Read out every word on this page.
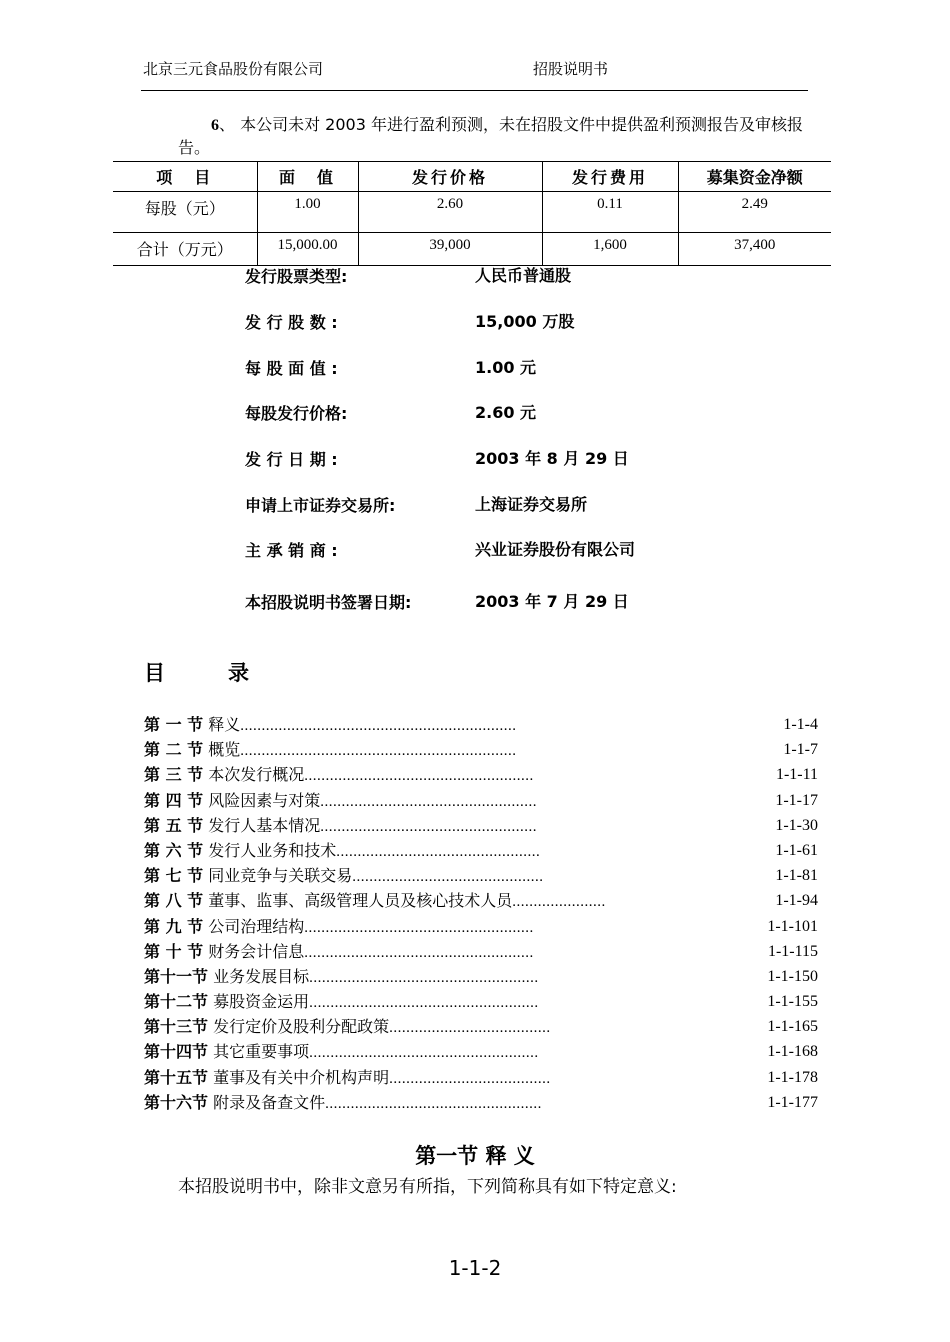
北京三元食品股份有限公司	招股说明书
6、 本公司未对 2003 年进行盈利预测，未在招股文件中提供盈利预测报告及审核报告。
项　目	面　值	发行价格	发行费用	募集资金净额
每股（元）	1.00	2.60	0.11	2.49
合计（万元）	15,000.00	39,000	1,600	37,400
发行股票类型:	人民币普通股
发 行 股 数 :	15,000 万股
每 股 面 值 :	1.00 元
每股发行价格:	2.60 元
发 行 日 期 :	2003 年 8 月 29 日
申请上市证券交易所:	上海证券交易所
主 承 销 商 :	兴业证券股份有限公司
本招股说明书签署日期:	2003 年 7 月 29 日
目	录
第 一 节 释义.................................................................	1-1-4
第 二 节 概览.................................................................	1-1-7
第 三 节 本次发行概况......................................................	1-1-11
第 四 节 风险因素与对策...................................................	1-1-17
第 五 节 发行人基本情况...................................................	1-1-30
第 六 节 发行人业务和技术................................................	1-1-61
第 七 节 同业竞争与关联交易.............................................	1-1-81
第 八 节 董事、监事、高级管理人员及核心技术人员......................	1-1-94
第 九 节 公司治理结构......................................................	1-1-101
第 十 节 财务会计信息......................................................	1-1-115
第十一节 业务发展目标......................................................	1-1-150
第十二节 募股资金运用......................................................	1-1-155
第十三节 发行定价及股利分配政策......................................	1-1-165
第十四节 其它重要事项......................................................	1-1-168
第十五节 董事及有关中介机构声明......................................	1-1-178
第十六节 附录及备查文件...................................................	1-1-177
第一节 释 义
本招股说明书中，除非文意另有所指，下列简称具有如下特定意义:
1-1-2
